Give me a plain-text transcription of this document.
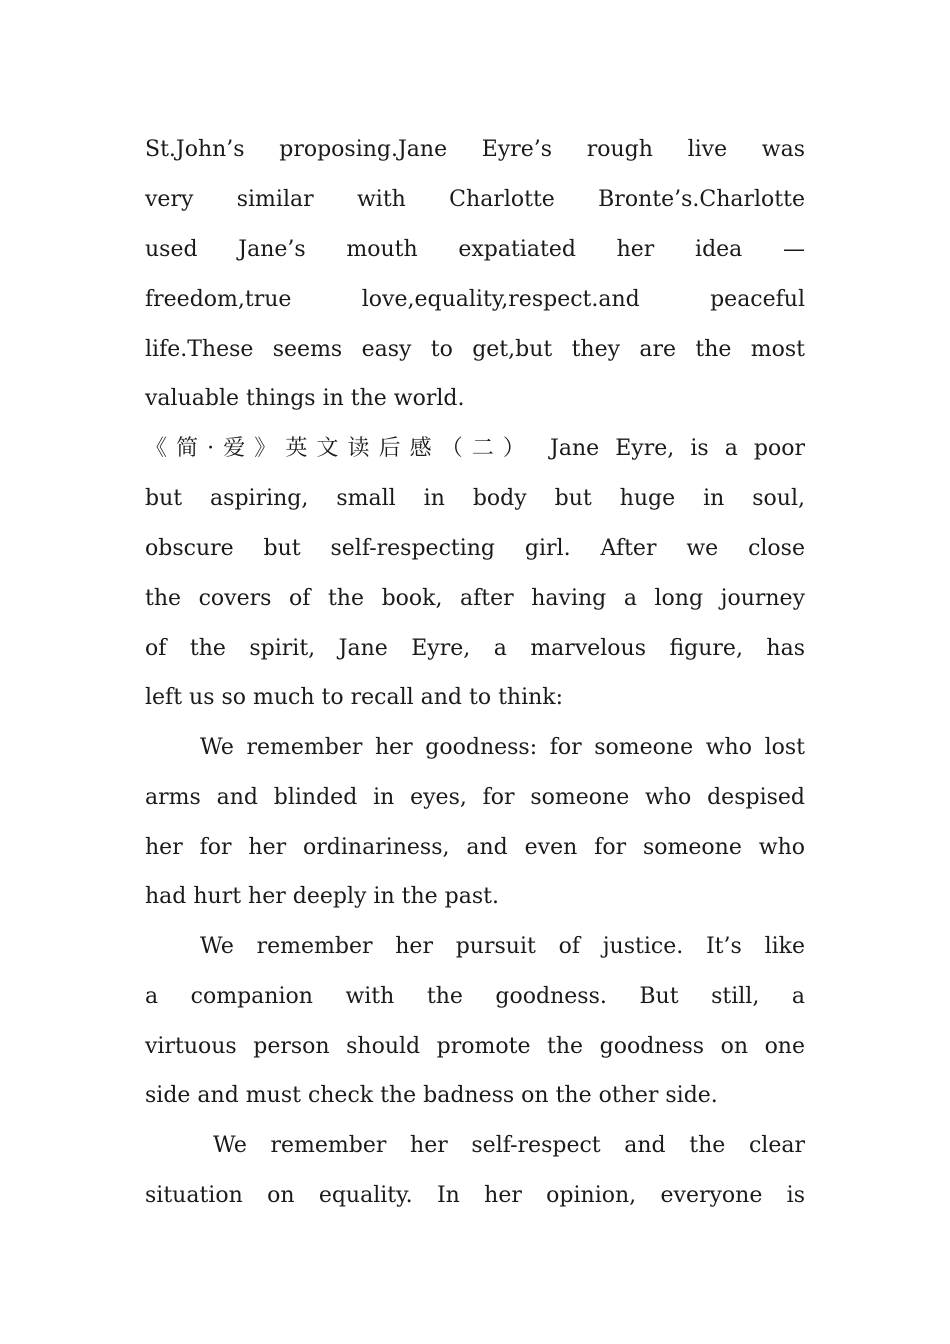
St.John’s proposing.Jane Eyre’s rough live was
very similar with Charlotte Bronte’s.Charlotte
used Jane’s mouth expatiated her idea —
freedom,true love,equality,respect.and peaceful
life.These seems easy to get,but they are the most
valuable things in the world.
《简·爱》英文读后感（二） Jane Eyre, is a poor
but aspiring, small in body but huge in soul,
obscure but self-respecting girl. After we close
the covers of the book, after having a long journey
of the spirit, Jane Eyre, a marvelous figure, has
left us so much to recall and to think:
We remember her goodness: for someone who lost
arms and blinded in eyes, for someone who despised
her for her ordinariness, and even for someone who
had hurt her deeply in the past.
We remember her pursuit of justice. It’s like
a companion with the goodness. But still, a
virtuous person should promote the goodness on one
side and must check the badness on the other side.
We remember her self-respect and the clear
situation on equality. In her opinion, everyone is
